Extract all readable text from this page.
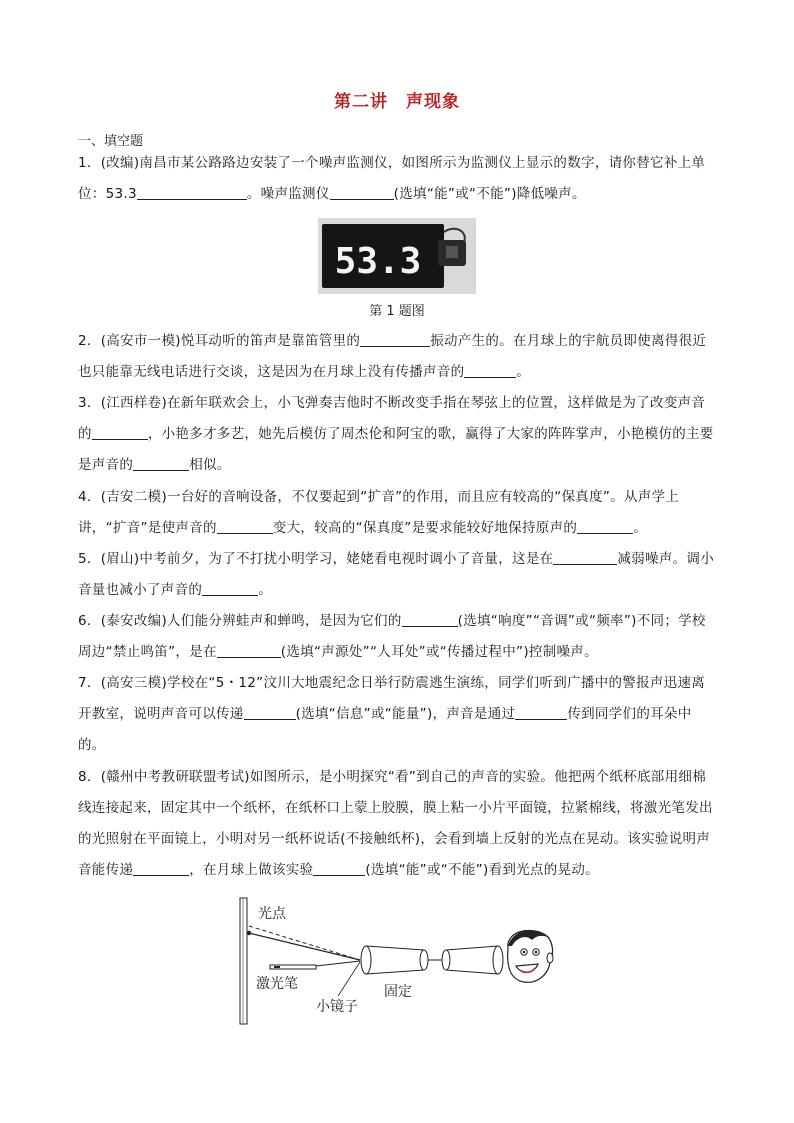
第二讲　声现象
一、填空题
1．(改编)南昌市某公路路边安装了一个噪声监测仪，如图所示为监测仪上显示的数字，请你替它补上单位：53.3	。噪声监测仪	(选填“能”或“不能”)降低噪声。
53.3
第 1 题图
2．(高安市一模)悦耳动听的笛声是靠笛管里的	振动产生的。在月球上的宇航员即使离得很近也只能靠无线电话进行交谈，这是因为在月球上没有传播声音的	。
3．(江西样卷)在新年联欢会上，小飞弹奏吉他时不断改变手指在琴弦上的位置，这样做是为了改变声音的	，小艳多才多艺，她先后模仿了周杰伦和阿宝的歌，赢得了大家的阵阵掌声，小艳模仿的主要是声音的	相似。
4．(吉安二模)一台好的音响设备，不仅要起到“扩音”的作用，而且应有较高的“保真度”。从声学上讲，“扩音”是使声音的	变大，较高的“保真度”是要求能较好地保持原声的	。
5．(眉山)中考前夕，为了不打扰小明学习，姥姥看电视时调小了音量，这是在	减弱噪声。调小音量也减小了声音的	。
6．(泰安改编)人们能分辨蛙声和蝉鸣，是因为它们的	(选填“响度”“音调”或“频率”)不同；学校周边“禁止鸣笛”，是在	(选填“声源处”“人耳处”或“传播过程中”)控制噪声。
7．(高安三模)学校在“5・12”汶川大地震纪念日举行防震逃生演练，同学们听到广播中的警报声迅速离开教室，说明声音可以传递	(选填“信息”或“能量”)，声音是通过	传到同学们的耳朵中的。
8．(赣州中考教研联盟考试)如图所示，是小明探究“看”到自己的声音的实验。他把两个纸杯底部用细棉线连接起来，固定其中一个纸杯，在纸杯口上蒙上胶膜，膜上粘一小片平面镜，拉紧棉线，将激光笔发出的光照射在平面镜上，小明对另一纸杯说话(不接触纸杯)，会看到墙上反射的光点在晃动。该实验说明声音能传递	，在月球上做该实验	(选填“能”或“不能”)看到光点的晃动。
光点
激光笔
小镜子
固定
